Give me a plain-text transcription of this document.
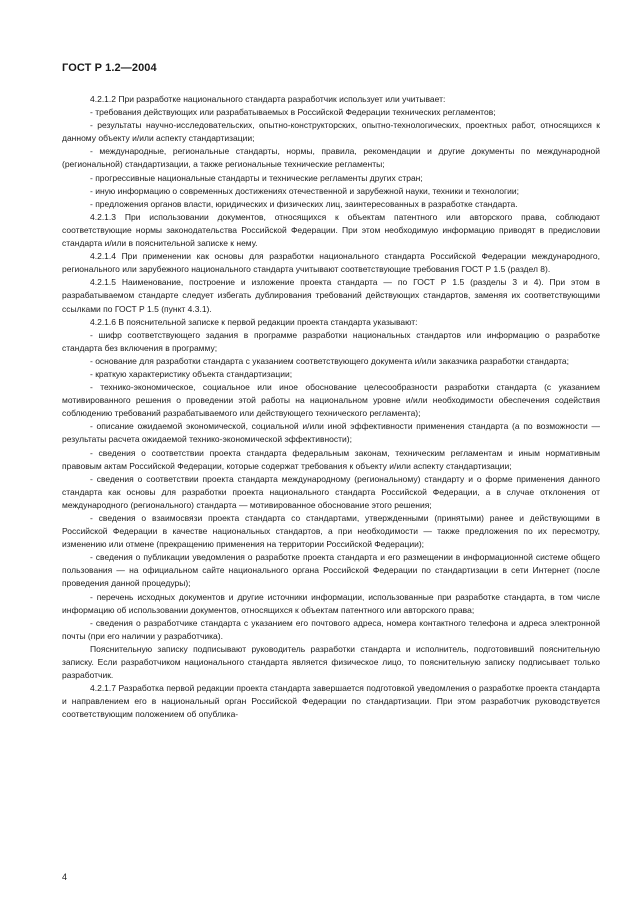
ГОСТ Р 1.2—2004

4.2.1.2 При разработке национального стандарта разработчик использует или учитывает:

- требования действующих или разрабатываемых в Российской Федерации технических регламентов;

- результаты научно-исследовательских, опытно-конструкторских, опытно-технологических, проектных работ, относящихся к данному объекту и/или аспекту стандартизации;

- международные, региональные стандарты, нормы, правила, рекомендации и другие документы по международной (региональной) стандартизации, а также региональные технические регламенты;

- прогрессивные национальные стандарты и технические регламенты других стран;

- иную информацию о современных достижениях отечественной и зарубежной науки, техники и технологии;

- предложения органов власти, юридических и физических лиц, заинтересованных в разработке стандарта.

4.2.1.3 При использовании документов, относящихся к объектам патентного или авторского права, соблюдают соответствующие нормы законодательства Российской Федерации. При этом необходимую информацию приводят в предисловии стандарта и/или в пояснительной записке к нему.

4.2.1.4 При применении как основы для разработки национального стандарта Российской Федерации международного, регионального или зарубежного национального стандарта учитывают соответствующие требования ГОСТ Р 1.5 (раздел 8).

4.2.1.5 Наименование, построение и изложение проекта стандарта — по ГОСТ Р 1.5 (разделы 3 и 4). При этом в разрабатываемом стандарте следует избегать дублирования требований действующих стандартов, заменяя их соответствующими ссылками по ГОСТ Р 1.5 (пункт 4.3.1).

4.2.1.6 В пояснительной записке к первой редакции проекта стандарта указывают:

- шифр соответствующего задания в программе разработки национальных стандартов или информацию о разработке стандарта без включения в программу;

- основание для разработки стандарта с указанием соответствующего документа и/или заказчика разработки стандарта;

- краткую характеристику объекта стандартизации;

- технико-экономическое, социальное или иное обоснование целесообразности разработки стандарта (с указанием мотивированного решения о проведении этой работы на национальном уровне и/или необходимости обеспечения содействия соблюдению требований разрабатываемого или действующего технического регламента);

- описание ожидаемой экономической, социальной и/или иной эффективности применения стандарта (а по возможности — результаты расчета ожидаемой технико-экономической эффективности);

- сведения о соответствии проекта стандарта федеральным законам, техническим регламентам и иным нормативным правовым актам Российской Федерации, которые содержат требования к объекту и/или аспекту стандартизации;

- сведения о соответствии проекта стандарта международному (региональному) стандарту и о форме применения данного стандарта как основы для разработки проекта национального стандарта Российской Федерации, а в случае отклонения от международного (регионального) стандарта — мотивированное обоснование этого решения;

- сведения о взаимосвязи проекта стандарта со стандартами, утвержденными (принятыми) ранее и действующими в Российской Федерации в качестве национальных стандартов, а при необходимости — также предложения по их пересмотру, изменению или отмене (прекращению применения на территории Российской Федерации);

- сведения о публикации уведомления о разработке проекта стандарта и его размещении в информационной системе общего пользования — на официальном сайте национального органа Российской Федерации по стандартизации в сети Интернет (после проведения данной процедуры);

- перечень исходных документов и другие источники информации, использованные при разработке стандарта, в том числе информацию об использовании документов, относящихся к объектам патентного или авторского права;

- сведения о разработчике стандарта с указанием его почтового адреса, номера контактного телефона и адреса электронной почты (при его наличии у разработчика).

Пояснительную записку подписывают руководитель разработки стандарта и исполнитель, подготовивший пояснительную записку. Если разработчиком национального стандарта является физическое лицо, то пояснительную записку подписывает только разработчик.

4.2.1.7 Разработка первой редакции проекта стандарта завершается подготовкой уведомления о разработке проекта стандарта и направлением его в национальный орган Российской Федерации по стандартизации. При этом разработчик руководствуется соответствующим положением об опублика-

4
